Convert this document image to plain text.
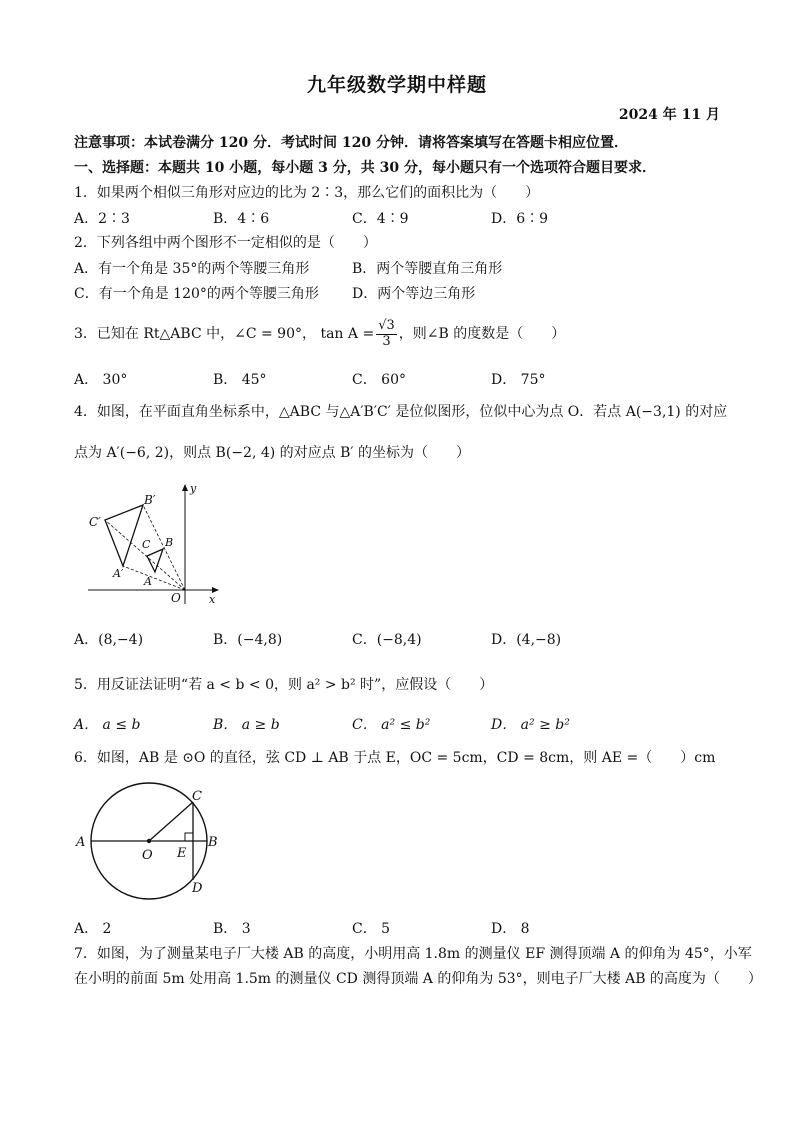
九年级数学期中样题
2024 年 11 月
注意事项：本试卷满分 120 分．考试时间 120 分钟．请将答案填写在答题卡相应位置．
一、选择题：本题共 10 小题，每小题 3 分，共 30 分，每小题只有一个选项符合题目要求．
1．如果两个相似三角形对应边的比为 2∶3，那么它们的面积比为（　　）
A．2∶3	B．4∶6	C．4∶9	D．6∶9
2．下列各组中两个图形不一定相似的是（　　）
A．有一个角是 35°的两个等腰三角形	B．两个等腰直角三角形
C．有一个角是 120°的两个等腰三角形 D．两个等边三角形
3．已知在 Rt△ABC 中，∠C = 90°， $\tan A = \frac{√3}{3}$ ，则∠B 的度数是（　　）
A． 30°	B． 45°	C． 60°	D． 75°
4．如图，在平面直角坐标系中，△ABC 与△A′B′C′ 是位似图形，位似中心为点 O．若点 A(−3,1) 的对应
点为 A′(−6, 2)，则点 B(−2, 4) 的对应点 B′ 的坐标为（　　）
B′
C′
C B
A′
A
O	x
y
A．(8,−4)	B．(−4,8)	C．(−8,4)	D．(4,−8)
5．用反证法证明“若 a < b < 0，则 a² > b² 时”，应假设（　　）
A． a ≤ b	B． a ≥ b	C． a² ≤ b²	D． a² ≥ b²
6．如图，AB 是 ⊙O 的直径，弦 CD ⊥ AB 于点 E，OC = 5cm，CD = 8cm，则 AE =（　　）cm
A	B
C
D
E
O
A． 2	B． 3	C． 5	D． 8
7．如图，为了测量某电子厂大楼 AB 的高度，小明用高 1.8m 的测量仪 EF 测得顶端 A 的仰角为 45°，小军
在小明的前面 5m 处用高 1.5m 的测量仪 CD 测得顶端 A 的仰角为 53°，则电子厂大楼 AB 的高度为（　　）
